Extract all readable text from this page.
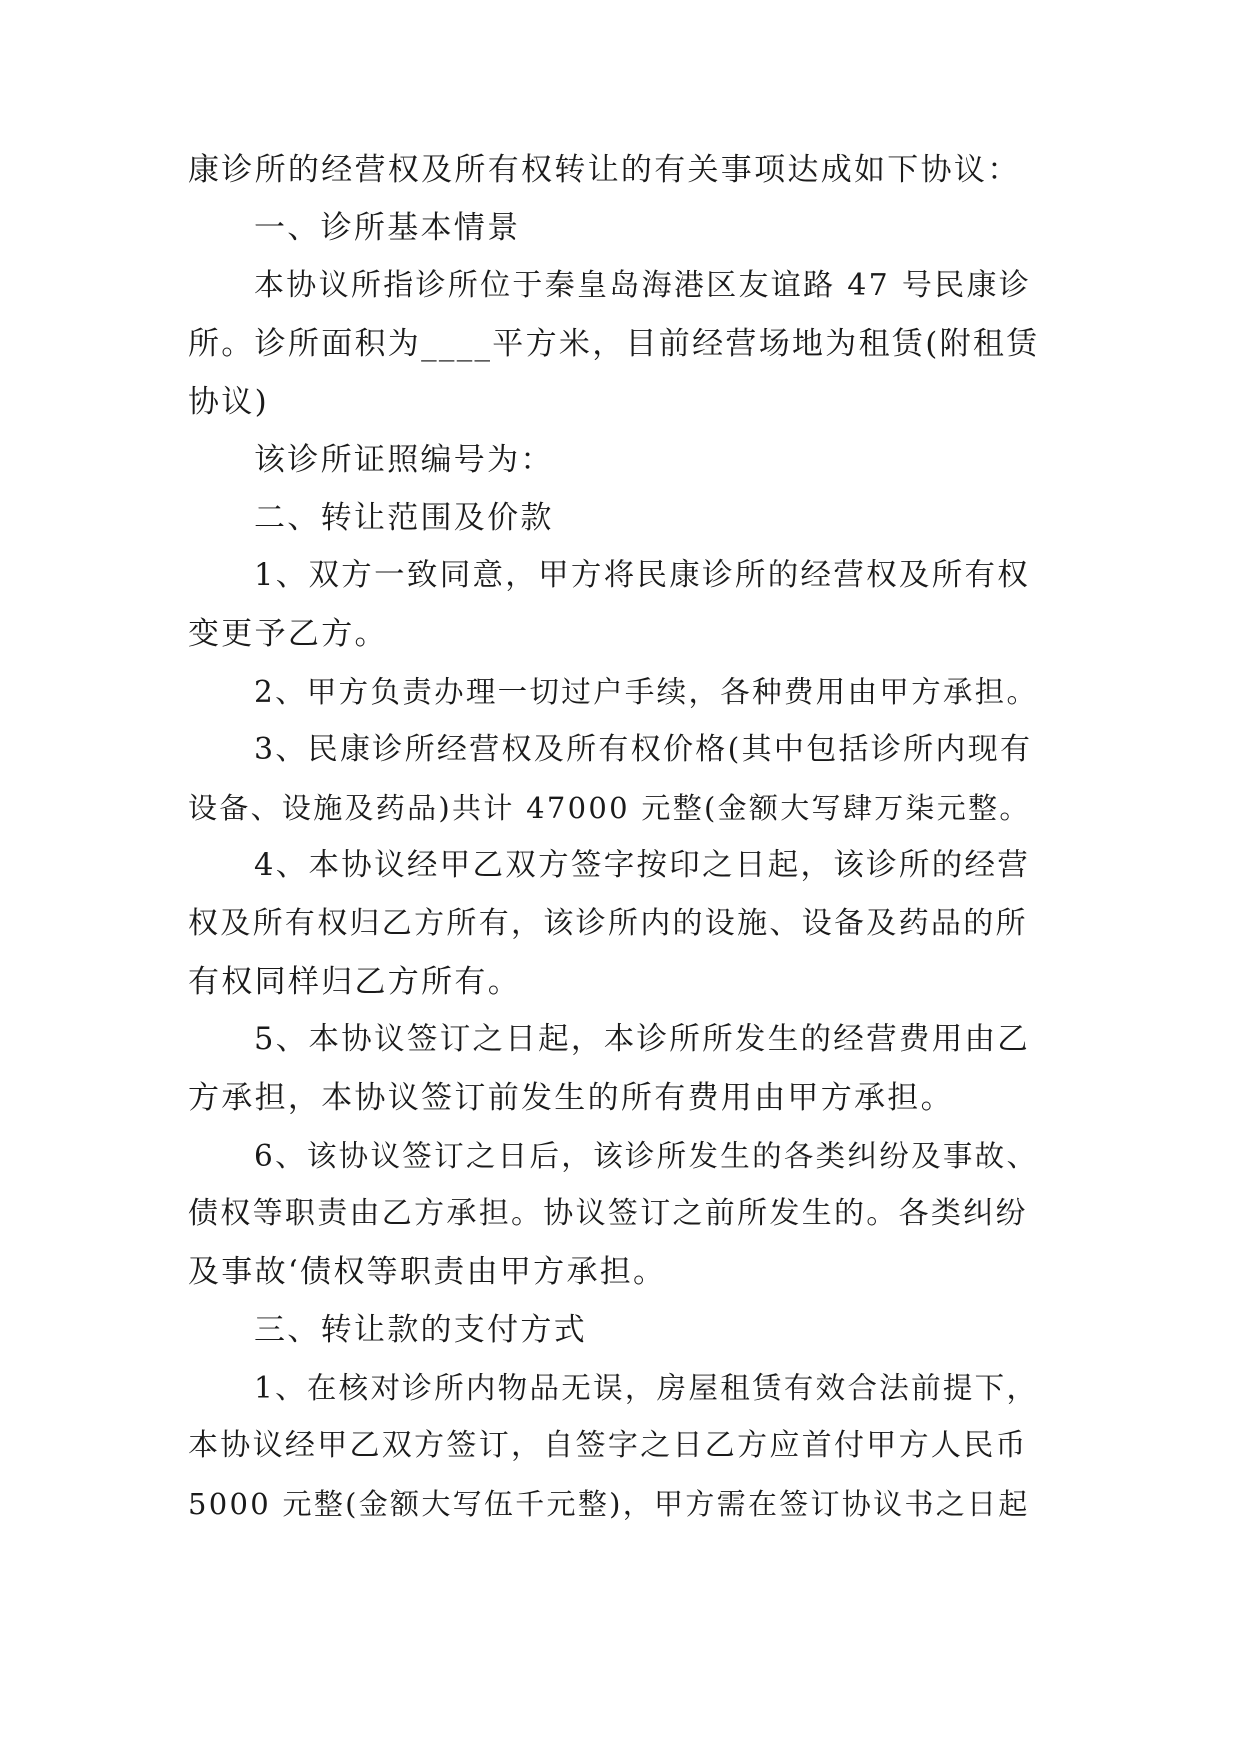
康诊所的经营权及所有权转让的有关事项达成如下协议：

一、诊所基本情景

本协议所指诊所位于秦皇岛海港区友谊路 47 号民康诊

所。诊所面积为____平方米，目前经营场地为租赁(附租赁

协议)

该诊所证照编号为：

二、转让范围及价款

1、双方一致同意，甲方将民康诊所的经营权及所有权

变更予乙方。

2、甲方负责办理一切过户手续，各种费用由甲方承担。

3、民康诊所经营权及所有权价格(其中包括诊所内现有

设备、设施及药品)共计 47000 元整(金额大写肆万柒元整。

4、本协议经甲乙双方签字按印之日起，该诊所的经营

权及所有权归乙方所有，该诊所内的设施、设备及药品的所

有权同样归乙方所有。

5、本协议签订之日起，本诊所所发生的经营费用由乙

方承担，本协议签订前发生的所有费用由甲方承担。

6、该协议签订之日后，该诊所发生的各类纠纷及事故、

债权等职责由乙方承担。协议签订之前所发生的。各类纠纷

及事故‘债权等职责由甲方承担。

三、转让款的支付方式

1、在核对诊所内物品无误，房屋租赁有效合法前提下，

本协议经甲乙双方签订，自签字之日乙方应首付甲方人民币

5000 元整(金额大写伍千元整)，甲方需在签订协议书之日起
